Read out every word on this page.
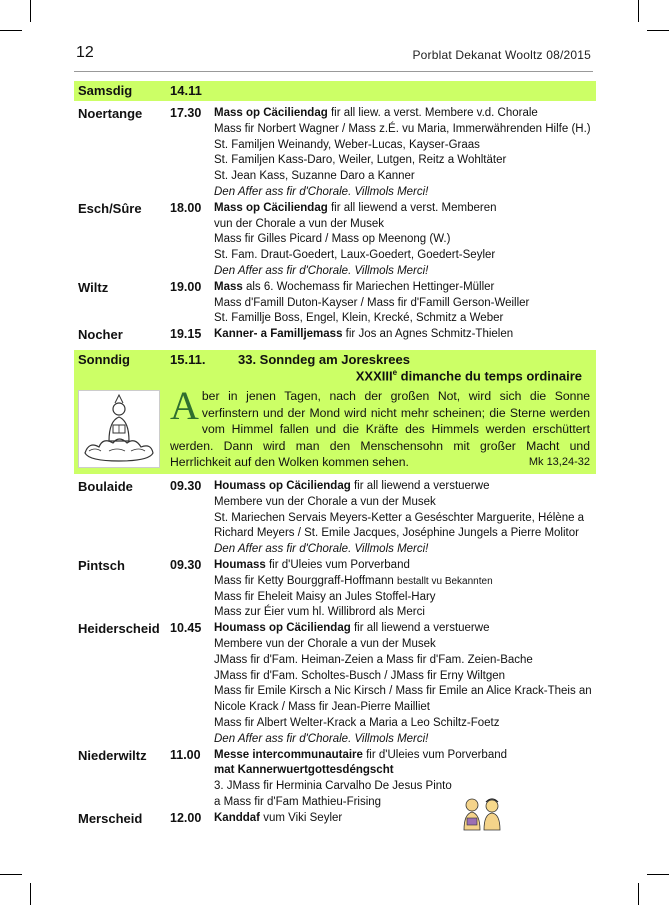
12	Porblat Dekanat Wooltz 08/2015
Samsdig	14.11
Noertange 17.30 Mass op Cäciliendag fir all liew. a verst. Membere v.d. Chorale
Mass fir Norbert Wagner / Mass z.É. vu Maria, Immerwährenden Hilfe (H.)
St. Familjen Weinandy, Weber-Lucas, Kayser-Graas
St. Familjen Kass-Daro, Weiler, Lutgen, Reitz a Wohltäter
St. Jean Kass, Suzanne Daro a Kanner
Den Affer ass fir d'Chorale. Villmols Merci!
Esch/Sûre 18.00 Mass op Cäciliendag fir all liewend a verst. Memberen
vun der Chorale a vun der Musek
Mass fir Gilles Picard / Mass op Meenong (W.)
St. Fam. Draut-Goedert, Laux-Goedert, Goedert-Seyler
Den Affer ass fir d'Chorale. Villmols Merci!
Wiltz	19.00 Mass als 6. Wochemass fir Mariechen Hettinger-Müller
Mass d'Famill Duton-Kayser / Mass fir d'Famill Gerson-Weiller
St. Famillje Boss, Engel, Klein, Krecké, Schmitz a Weber
Nocher	19.15 Kanner- a Familljemass fir Jos an Agnes Schmitz-Thielen
Sonndig	15.11.	33. Sonndeg am Joreskrees
XXXIIIe dimanche du temps ordinaire
Aber in jenen Tagen, nach der großen Not, wird sich die Sonne verfinstern und der Mond wird nicht mehr scheinen; die Sterne werden vom Himmel fallen und die Kräfte des Himmels werden erschüttert werden. Dann wird man den Menschensohn mit großer Macht und Herrlichkeit auf den Wolken kommen sehen.	Mk 13,24-32
Boulaide	09.30 Houmass op Cäciliendag fir all liewend a verstuerwe
Membere vun der Chorale a vun der Musek
St. Mariechen Servais Meyers-Ketter a Geséschter Marguerite, Hélène a
Richard Meyers / St. Emile Jacques, Joséphine Jungels a Pierre Molitor
Den Affer ass fir d'Chorale. Villmols Merci!
Pintsch	09.30 Houmass fir d'Uleies vum Porverband
Mass fir Ketty Bourggraff-Hoffmann bestallt vu Bekannten
Mass fir Eheleit Maisy an Jules Stoffel-Hary
Mass zur Éier vum hl. Willibrord als Merci
Heiderscheid 10.45 Houmass op Cäciliendag fir all liewend a verstuerwe
Membere vun der Chorale a vun der Musek
JMass fir d'Fam. Heiman-Zeien a Mass fir d'Fam. Zeien-Bache
JMass fir d'Fam. Scholtes-Busch / JMass fir Erny Wiltgen
Mass fir Emile Kirsch a Nic Kirsch / Mass fir Emile an Alice Krack-Theis an
Nicole Krack / Mass fir Jean-Pierre Mailliet
Mass fir Albert Welter-Krack a Maria a Leo Schiltz-Foetz
Den Affer ass fir d'Chorale. Villmols Merci!
Niederwiltz 11.00 Messe intercommunautaire fir d'Uleies vum Porverband
mat Kannerwuertgottesdéngscht
3. JMass fir Herminia Carvalho De Jesus Pinto
a Mass fir d'Fam Mathieu-Frising
Merscheid 12.00 Kanddaf vum Viki Seyler
